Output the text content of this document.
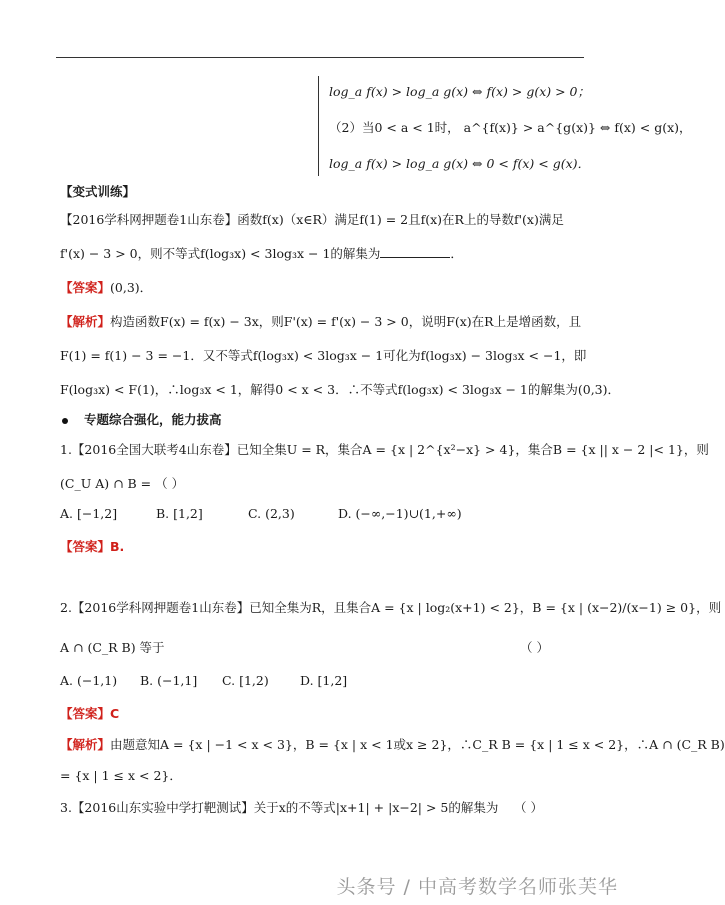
log_a f(x) > log_a g(x) ⇔ f(x) > g(x) > 0；
（2）当0 < a < 1时， a^{f(x)} > a^{g(x)} ⇔ f(x) < g(x)，
log_a f(x) > log_a g(x) ⇔ 0 < f(x) < g(x)．
【变式训练】
【2016学科网押题卷1山东卷】函数f(x)（x∈R）满足f(1) = 2且f(x)在R上的导数f'(x)满足
f'(x) − 3 > 0，则不等式f(log₃x) < 3log₃x − 1的解集为	．
【答案】(0,3)．
【解析】构造函数F(x) = f(x) − 3x，则F'(x) = f'(x) − 3 > 0，说明F(x)在R上是增函数，且
F(1) = f(1) − 3 = −1．又不等式f(log₃x) < 3log₃x − 1可化为f(log₃x) − 3log₃x < −1，即
F(log₃x) < F(1)，∴log₃x < 1，解得0 < x < 3．∴不等式f(log₃x) < 3log₃x − 1的解集为(0,3)．
专题综合强化，能力拔高
1.【2016全国大联考4山东卷】已知全集U = R，集合A = {x | 2^{x²−x} > 4}，集合B = {x || x − 2 |< 1}，则
(C_U A) ∩ B = （ ）
A. [−1,2]	B. [1,2]	C. (2,3)	D. (−∞,−1)∪(1,+∞)
【答案】B.
2.【2016学科网押题卷1山东卷】已知全集为R，且集合A = {x | log₂(x+1) < 2}，B = {x | (x−2)/(x−1) ≥ 0}，则
A ∩ (C_R B) 等于	（ ）
A. (−1,1) B. (−1,1] C. [1,2)	D. [1,2]
【答案】C
【解析】由题意知A = {x | −1 < x < 3}，B = {x | x < 1或x ≥ 2}，∴C_R B = {x | 1 ≤ x < 2}，∴A ∩ (C_R B)
= {x | 1 ≤ x < 2}．
3.【2016山东实验中学打靶测试】关于x的不等式|x+1| + |x−2| > 5的解集为 （ ）
头条号 / 中高考数学名师张芙华
